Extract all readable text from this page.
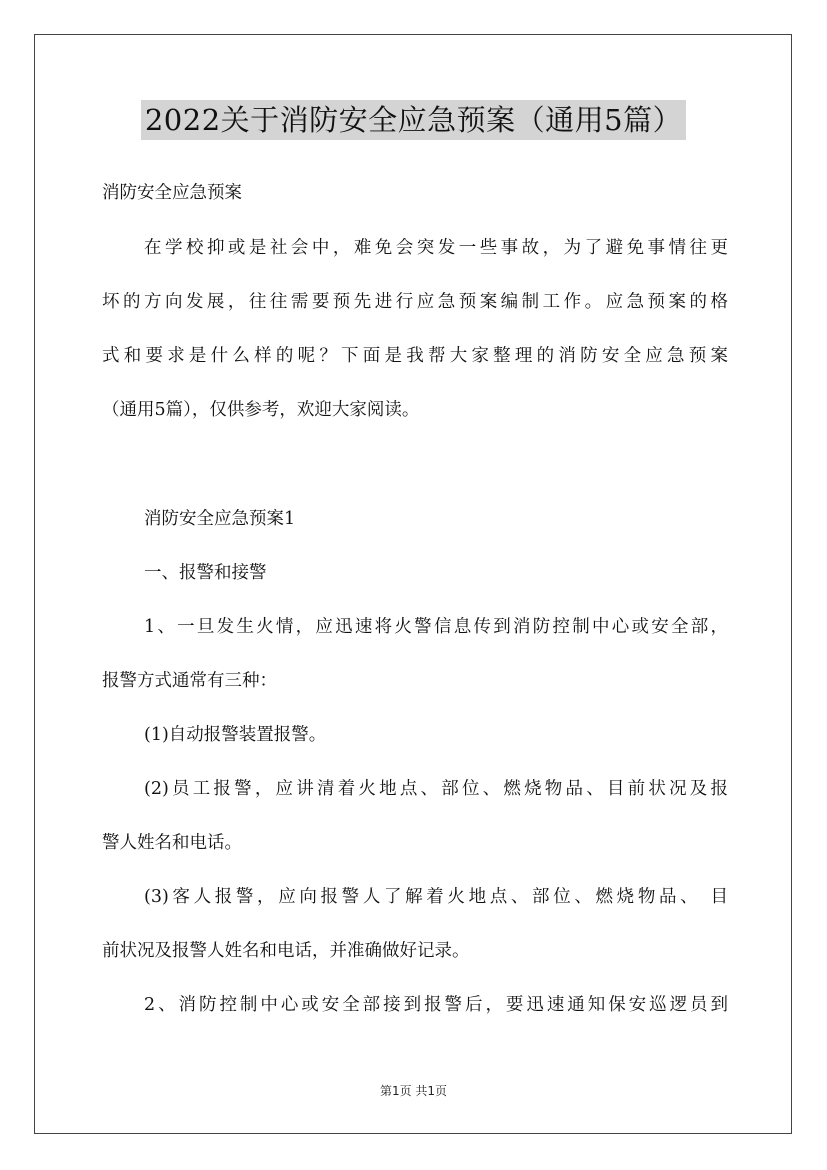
2022关于消防安全应急预案（通用5篇）
消防安全应急预案
在学校抑或是社会中，难免会突发一些事故，为了避免事情往更
坏的方向发展，往往需要预先进行应急预案编制工作。应急预案的格
式和要求是什么样的呢？下面是我帮大家整理的消防安全应急预案
（通用5篇），仅供参考，欢迎大家阅读。
消防安全应急预案1
一、报警和接警
1、一旦发生火情，应迅速将火警信息传到消防控制中心或安全部，
报警方式通常有三种：
(1)自动报警装置报警。
(2)员工报警，应讲清着火地点、部位、燃烧物品、目前状况及报
警人姓名和电话。
(3)客人报警，应向报警人了解着火地点、部位、燃烧物品、 目
前状况及报警人姓名和电话，并准确做好记录。
2、消防控制中心或安全部接到报警后，要迅速通知保安巡逻员到
第1页 共1页
